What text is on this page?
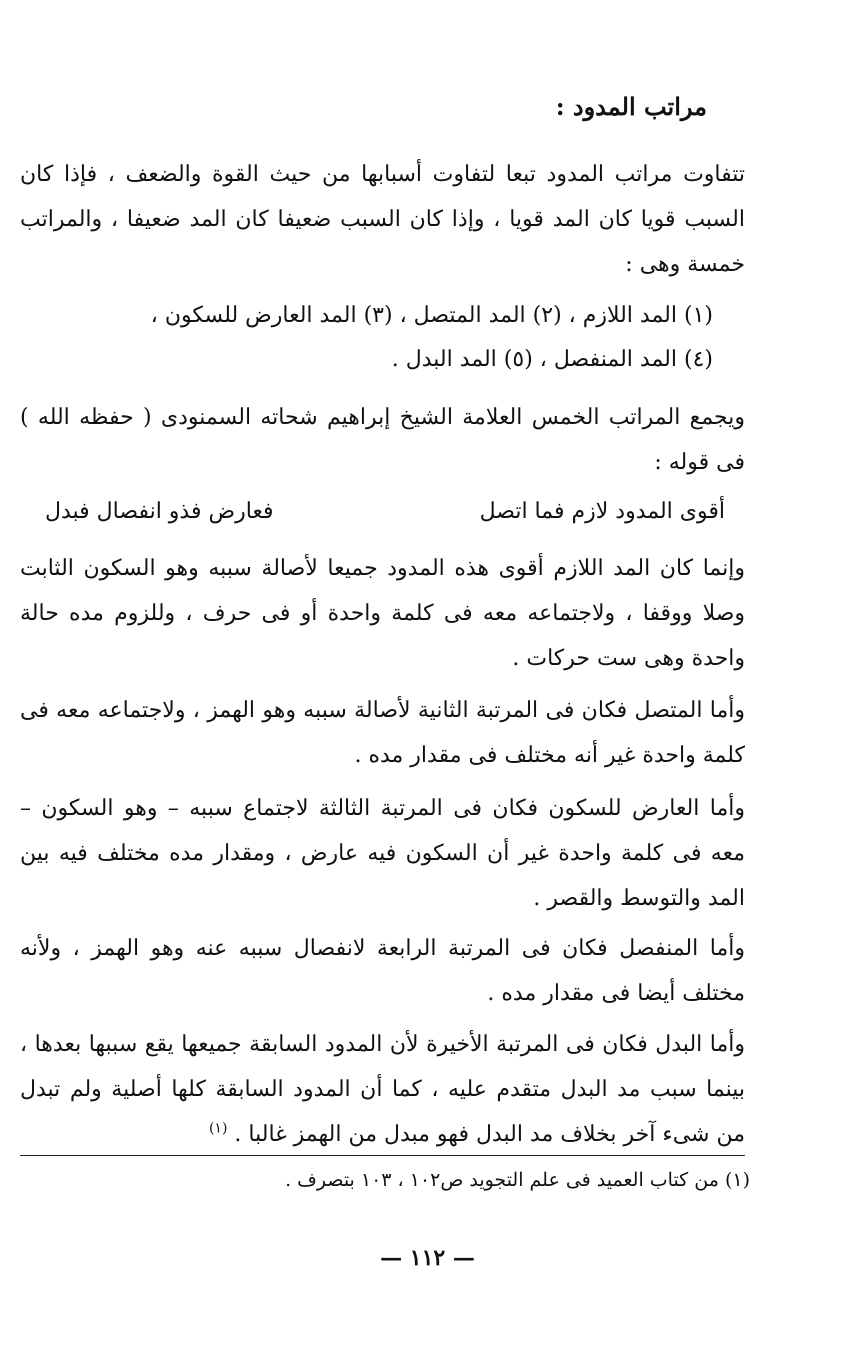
مراتب المدود :
تتفاوت مراتب المدود تبعا لتفاوت أسبابها من حيث القوة والضعف ، فإذا كان السبب قويا كان المد قويا ، وإذا كان السبب ضعيفا كان المد ضعيفا ، والمراتب خمسة وهى :
(١) المد اللازم ، (٢) المد المتصل ، (٣) المد العارض للسكون ،
(٤) المد المنفصل ، (٥) المد البدل .
ويجمع المراتب الخمس العلامة الشيخ إبراهيم شحاته السمنودى ( حفظه الله ) فى قوله :
أقوى المدود لازم فما اتصل
فعارض فذو انفصال فبدل
وإنما كان المد اللازم أقوى هذه المدود جميعا لأصالة سببه وهو السكون الثابت وصلا ووقفا ، ولاجتماعه معه فى كلمة واحدة أو فى حرف ، وللزوم مده حالة واحدة وهى ست حركات .
وأما المتصل فكان فى المرتبة الثانية لأصالة سببه وهو الهمز ، ولاجتماعه معه فى كلمة واحدة غير أنه مختلف فى مقدار مده .
وأما العارض للسكون فكان فى المرتبة الثالثة لاجتماع سببه – وهو السكون – معه فى كلمة واحدة غير أن السكون فيه عارض ، ومقدار مده مختلف فيه بين المد والتوسط والقصر .
وأما المنفصل فكان فى المرتبة الرابعة لانفصال سببه عنه وهو الهمز ، ولأنه مختلف أيضا فى مقدار مده .
وأما البدل فكان فى المرتبة الأخيرة لأن المدود السابقة جميعها يقع سببها بعدها ، بينما سبب مد البدل متقدم عليه ، كما أن المدود السابقة كلها أصلية ولم تبدل من شىء آخر بخلاف مد البدل فهو مبدل من الهمز غالبا . $^{(١)}$
(١) من كتاب العميد فى علم التجويد ص١٠٢ ، ١٠٣ بتصرف .
— ١١٢ —
